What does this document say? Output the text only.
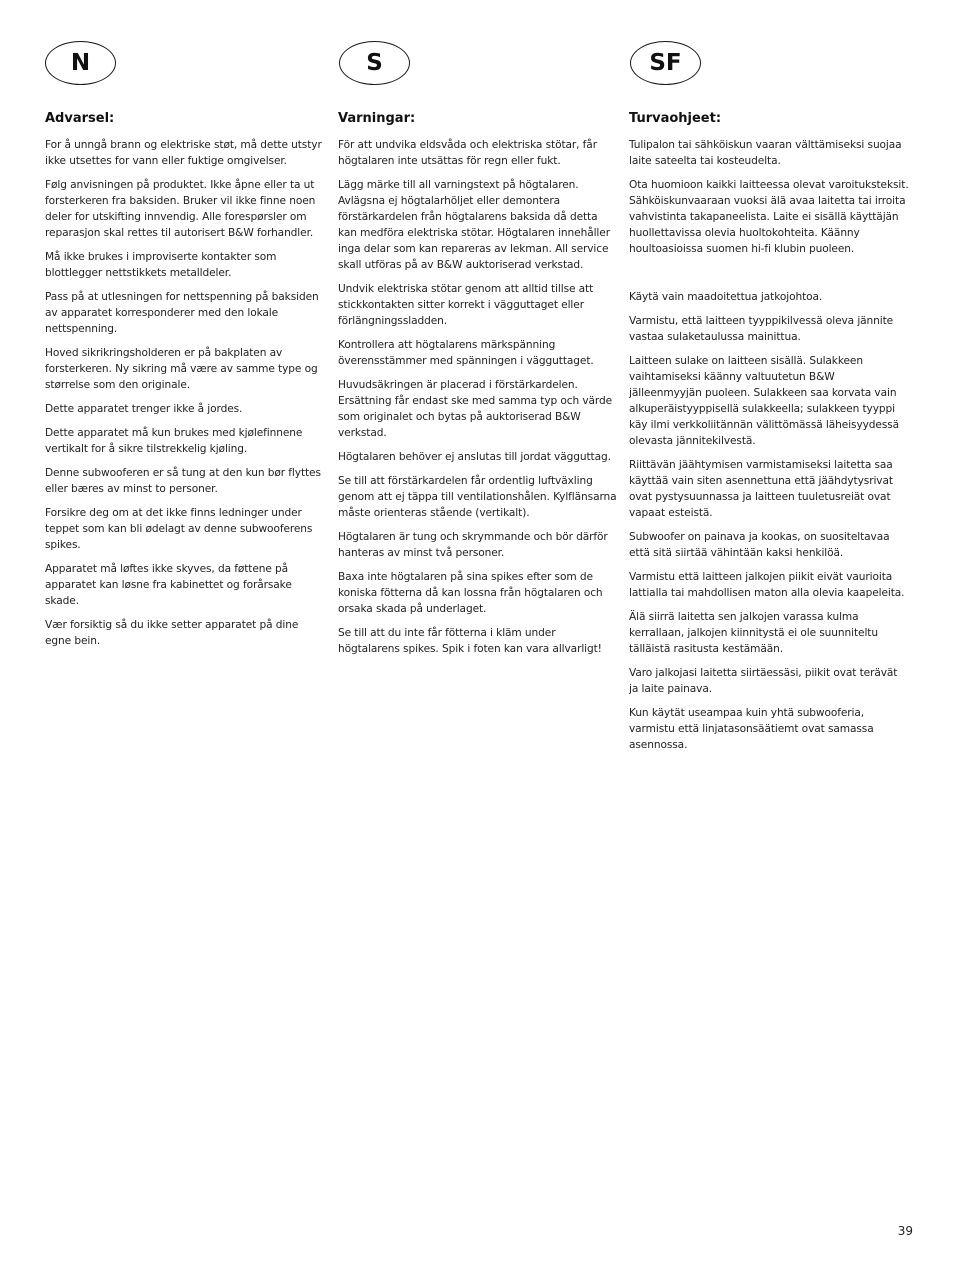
N	S	SF
Advarsel:

For å unngå brann og elektriske støt, må dette utstyr ikke utsettes for vann eller fuktige omgivelser.

Følg anvisningen på produktet. Ikke åpne eller ta ut forsterkeren fra baksiden. Bruker vil ikke finne noen deler for utskifting innvendig. Alle forespørsler om reparasjon skal rettes til autorisert B&W forhandler.

Må ikke brukes i improviserte kontakter som blottlegger nettstikkets metalldeler.

Pass på at utlesningen for nettspenning på baksiden av apparatet korresponderer med den lokale nettspenning.

Hoved sikrikringsholderen er på bakplaten av forsterkeren. Ny sikring må være av samme type og størrelse som den originale.

Dette apparatet trenger ikke å jordes.

Dette apparatet må kun brukes med kjølefinnene vertikalt for å sikre tilstrekkelig kjøling.

Denne subwooferen er så tung at den kun bør flyttes eller bæres av minst to personer.

Forsikre deg om at det ikke finns ledninger under teppet som kan bli ødelagt av denne subwooferens spikes.

Apparatet må løftes ikke skyves, da føttene på apparatet kan løsne fra kabinettet og forårsake skade.

Vær forsiktig så du ikke setter apparatet på dine egne bein.

Varningar:

För att undvika eldsvåda och elektriska stötar, får högtalaren inte utsättas för regn eller fukt.

Lägg märke till all varningstext på högtalaren. Avlägsna ej högtalarhöljet eller demontera förstärkardelen från högtalarens baksida då detta kan medföra elektriska stötar. Högtalaren innehåller inga delar som kan repareras av lekman. All service skall utföras på av B&W auktoriserad verkstad.

Undvik elektriska stötar genom att alltid tillse att stickkontakten sitter korrekt i vägguttaget eller förlängningssladden.

Kontrollera att högtalarens märkspänning överensstämmer med spänningen i vägguttaget.

Huvudsäkringen är placerad i förstärkardelen. Ersättning får endast ske med samma typ och värde som originalet och bytas på auktoriserad B&W verkstad.

Högtalaren behöver ej anslutas till jordat vägguttag.

Se till att förstärkardelen får ordentlig luftväxling genom att ej täppa till ventilationshålen. Kylflänsarna måste orienteras stående (vertikalt).

Högtalaren är tung och skrymmande och bör därför hanteras av minst två personer.

Baxa inte högtalaren på sina spikes efter som de koniska fötterna då kan lossna från högtalaren och orsaka skada på underlaget.

Se till att du inte får fötterna i kläm under högtalarens spikes. Spik i foten kan vara allvarligt!

Turvaohjeet:

Tulipalon tai sähköiskun vaaran välttämiseksi suojaa laite sateelta tai kosteudelta.

Ota huomioon kaikki laitteessa olevat varoituksteksit. Sähköiskunvaaraan vuoksi älä avaa laitetta tai irroita vahvistinta takapaneelista. Laite ei sisällä käyttäjän huollettavissa olevia huoltokohteita. Käänny houltoasioissa suomen hi-fi klubin puoleen.

Käytä vain maadoitettua jatkojohtoa.

Varmistu, että laitteen tyyppikilvessä oleva jännite vastaa sulaketaulussa mainittua.

Laitteen sulake on laitteen sisällä. Sulakkeen vaihtamiseksi käänny valtuutetun B&W jälleenmyyjän puoleen. Sulakkeen saa korvata vain alkuperäistyyppisellä sulakkeella; sulakkeen tyyppi käy ilmi verkkoliitännän välittömässä läheisyydessä olevasta jännitekilvestä.

Riittävän jäähtymisen varmistamiseksi laitetta saa käyttää vain siten asennettuna että jäähdytysrivat ovat pystysuunnassa ja laitteen tuuletusreiät ovat vapaat esteistä.

Subwoofer on painava ja kookas, on suositeltavaa että sitä siirtää vähintään kaksi henkilöä.

Varmistu että laitteen jalkojen piikit eivät vaurioita lattialla tai mahdollisen maton alla olevia kaapeleita.

Älä siirrä laitetta sen jalkojen varassa kulma kerrallaan, jalkojen kiinnitystä ei ole suunniteltu tälläistä rasitusta kestämään.

Varo jalkojasi laitetta siirtäessäsi, piikit ovat terävät ja laite painava.

Kun käytät useampaa kuin yhtä subwooferia, varmistu että linjatasonsäätiemt ovat samassa asennossa.

39
